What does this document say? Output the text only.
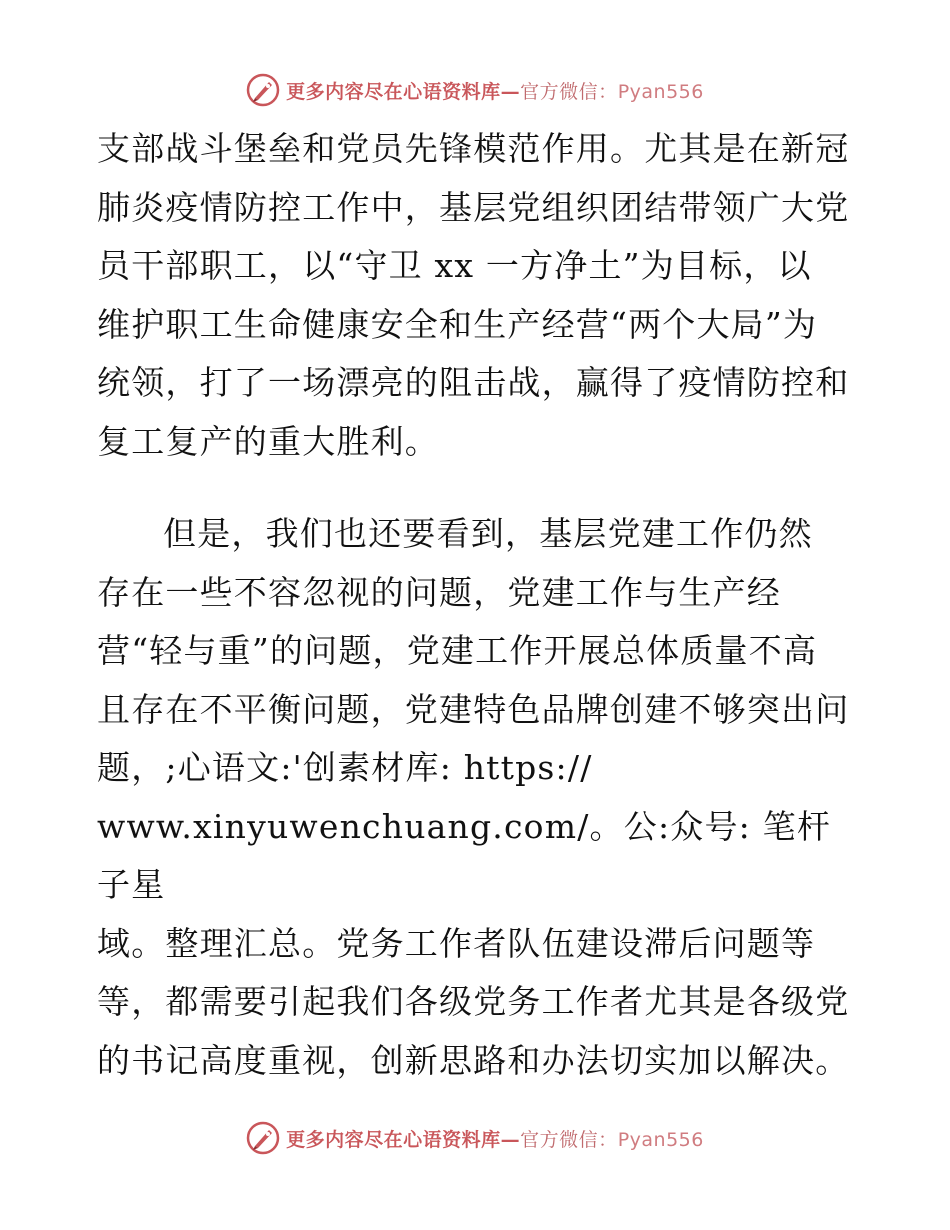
更多内容尽在心语资料库—官方微信：Pyan556

支部战斗堡垒和党员先锋模范作用。尤其是在新冠
肺炎疫情防控工作中，基层党组织团结带领广大党
员干部职工，以“守卫 xx 一方净土”为目标，以
维护职工生命健康安全和生产经营“两个大局”为
统领，打了一场漂亮的阻击战，赢得了疫情防控和
复工复产的重大胜利。

但是，我们也还要看到，基层党建工作仍然
存在一些不容忽视的问题，党建工作与生产经
营“轻与重”的问题，党建工作开展总体质量不高
且存在不平衡问题，党建特色品牌创建不够突出问
题，;心语文:'创素材库: https://
www.xinyuwenchuang.com/。公:众号: 笔杆子星
域。整理汇总。党务工作者队伍建设滞后问题等
等，都需要引起我们各级党务工作者尤其是各级党
的书记高度重视，创新思路和办法切实加以解决。

更多内容尽在心语资料库—官方微信：Pyan556
